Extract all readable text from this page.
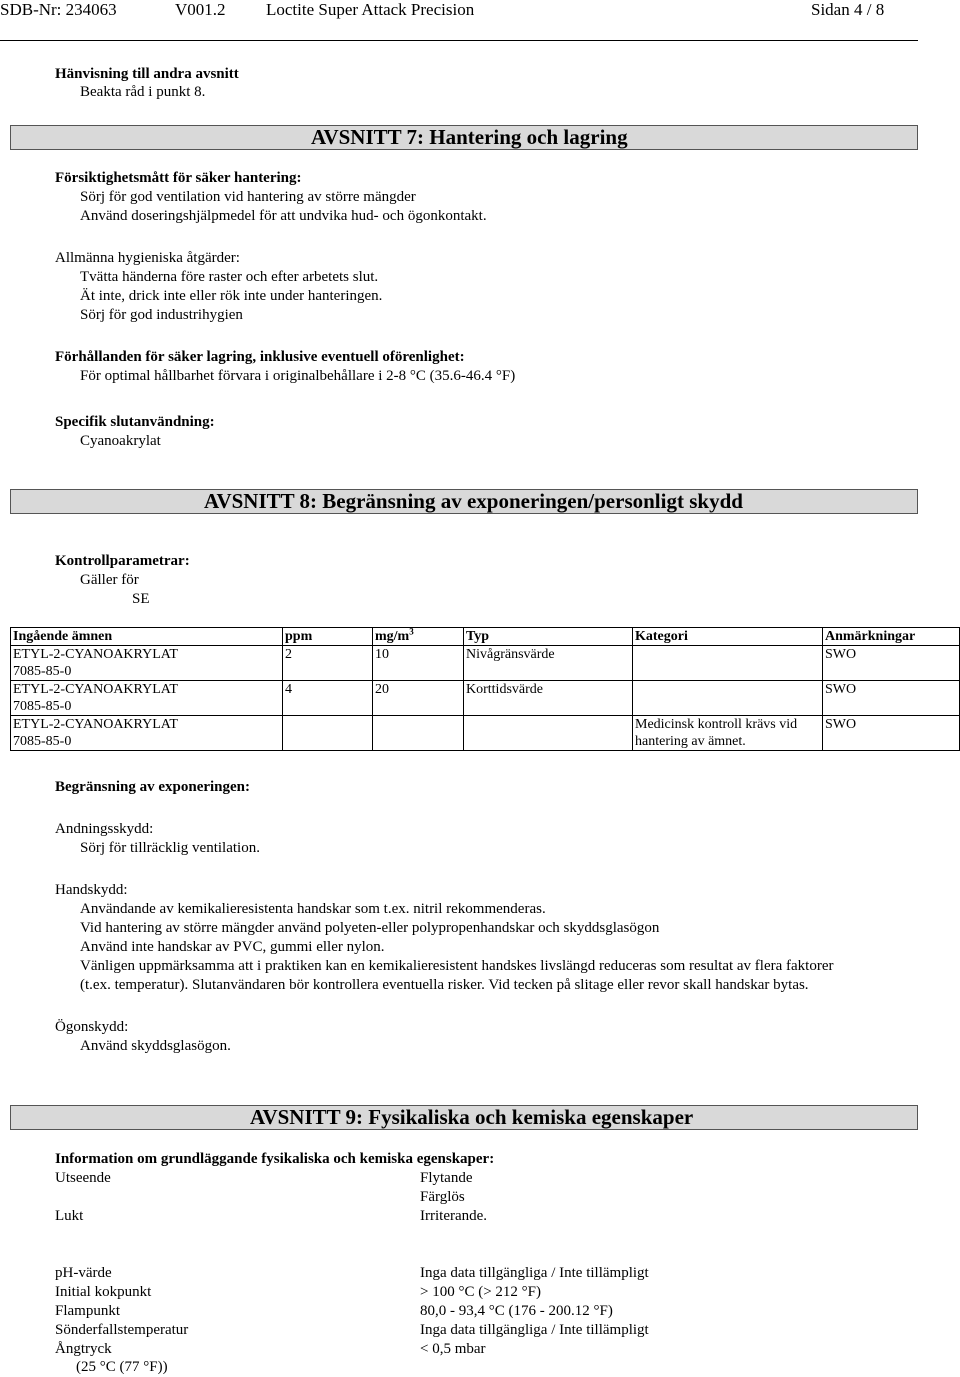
SDB-Nr: 234063	V001.2 Loctite Super Attack Precision	Sidan 4 / 8
Hänvisning till andra avsnitt
Beakta råd i punkt 8.
AVSNITT 7: Hantering och lagring
Försiktighetsmått för säker hantering:
Sörj för god ventilation vid hantering av större mängder
Använd doseringshjälpmedel för att undvika hud- och ögonkontakt.
Allmänna hygieniska åtgärder:
Tvätta händerna före raster och efter arbetets slut.
Ät inte, drick inte eller rök inte under hanteringen.
Sörj för god industrihygien
Förhållanden för säker lagring, inklusive eventuell oförenlighet:
För optimal hållbarhet förvara i originalbehållare i 2-8 °C (35.6-46.4 °F)
Specifik slutanvändning:
Cyanoakrylat
AVSNITT 8: Begränsning av exponeringen/personligt skydd
Kontrollparametrar:
Gäller för
SE
Ingående ämnen	ppm	$mg/m^3$	Typ	Kategori	Anmärkningar

ETYL-2-CYANOAKRYLAT
7085-85-0	2	10	Nivågränsvärde		SWO

ETYL-2-CYANOAKRYLAT
7085-85-0	4	20	Korttidsvärde		SWO

ETYL-2-CYANOAKRYLAT
7085-85-0				Medicinsk kontroll krävs vid hantering av ämnet.	SWO
Begränsning av exponeringen:
Andningsskydd:
Sörj för tillräcklig ventilation.
Handskydd:
Användande av kemikalieresistenta handskar som t.ex. nitril rekommenderas.
Vid hantering av större mängder använd polyeten-eller polypropenhandskar och skyddsglasögon
Använd inte handskar av PVC, gummi eller nylon.
Vänligen uppmärksamma att i praktiken kan en kemikalieresistent handskes livslängd reduceras som resultat av flera faktorer
(t.ex. temperatur). Slutanvändaren bör kontrollera eventuella risker. Vid tecken på slitage eller revor skall handskar bytas.
Ögonskydd:
Använd skyddsglasögon.
AVSNITT 9: Fysikaliska och kemiska egenskaper
Information om grundläggande fysikaliska och kemiska egenskaper:
Utseende	Flytande
Färglös
Lukt	Irriterande.
pH-värde	Inga data tillgängliga / Inte tillämpligt
Initial kokpunkt	> 100 °C (> 212 °F)
Flampunkt	80,0 - 93,4 °C (176 - 200.12 °F)
Sönderfallstemperatur	Inga data tillgängliga / Inte tillämpligt
Ångtryck	< 0,5 mbar
(25 °C (77 °F))
